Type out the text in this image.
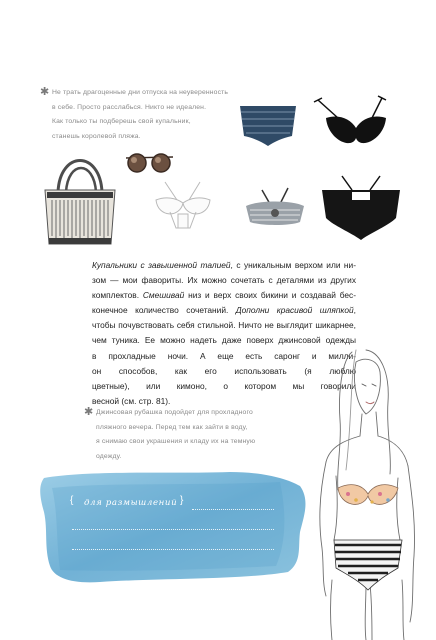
✱ Не трать драгоценные дни отпуска на неуверенность
в себе. Просто расслабься. Никто не идеален.
Как только ты подберешь свой купальник,
станешь королевой пляжа.
Купальники с завышенной талией, с уникальным верхом или ни-
зом — мои фавориты. Их можно сочетать с деталями из других
комплектов. Смешивай низ и верх своих бикини и создавай бес-
конечное количество сочетаний. Дополни красивой шляпкой,
чтобы почувствовать себя стильной. Ничто не выглядит шикарнее,
чем туника. Ее можно надеть даже поверх джинсовой одежды
в прохладные ночи. А еще есть саронг и милли-
он способов, как его использовать (я люблю
цветные), или кимоно, о котором мы говорили
весной (см. стр. 81).
✱ Джинсовая рубашка подойдет для прохладного
пляжного вечера. Перед тем как зайти в воду,
я снимаю свои украшения и кладу их на темную
одежду.
{ для размышлений }
